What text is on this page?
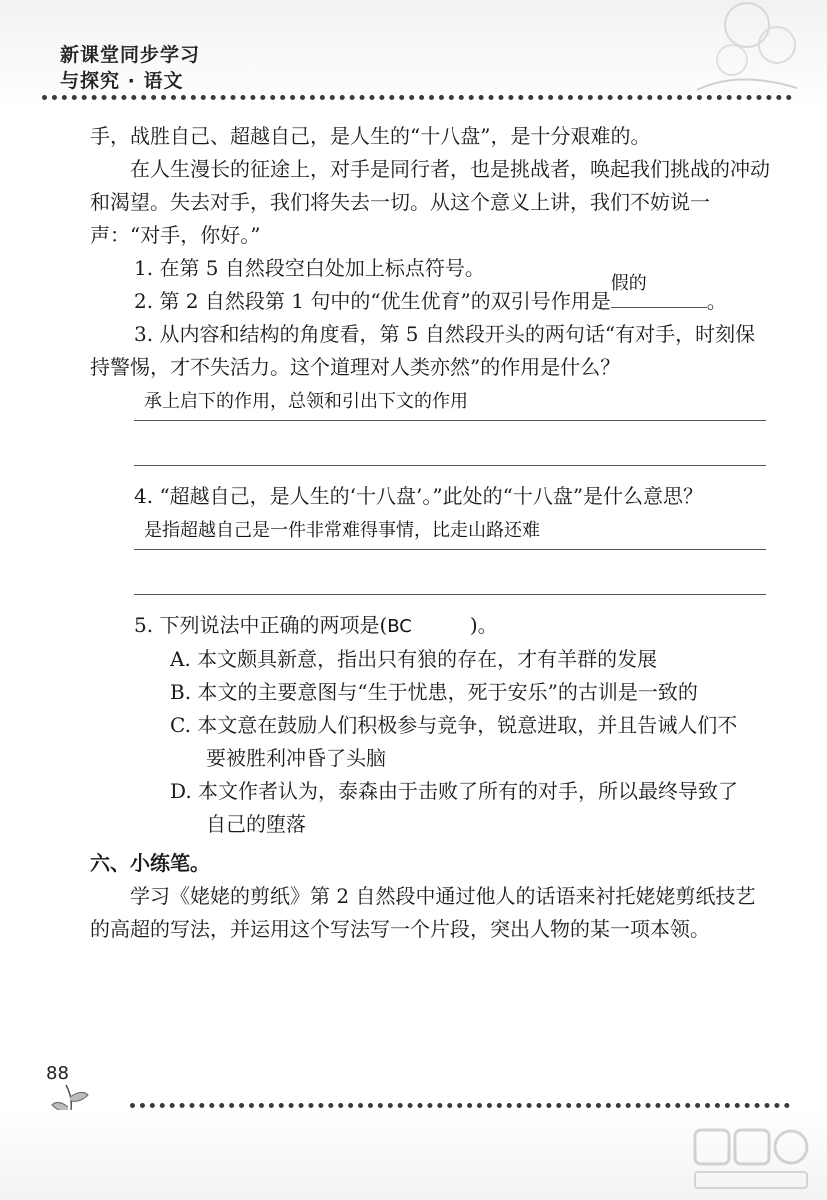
新课堂同步学习
与探究 · 语文

手，战胜自己、超越自己，是人生的“十八盘”，是十分艰难的。

在人生漫长的征途上，对手是同行者，也是挑战者，唤起我们挑战的冲动和渴望。失去对手，我们将失去一切。从这个意义上讲，我们不妨说一声：“对手，你好。”

1. 在第 5 自然段空白处加上标点符号。

2. 第 2 自然段第 1 句中的“优生优育”的双引号作用是
假的
。

3. 从内容和结构的角度看，第 5 自然段开头的两句话“有对手，时刻保持警惕，才不失活力。这个道理对人类亦然”的作用是什么？

承上启下的作用，总领和引出下文的作用

4. “超越自己，是人生的‘十八盘’。”此处的“十八盘”是什么意思？

是指超越自己是一件非常难得事情，比走山路还难

5. 下列说法中正确的两项是(BC	)。

A. 本文颇具新意，指出只有狼的存在，才有羊群的发展

B. 本文的主要意图与“生于忧患，死于安乐”的古训是一致的

C. 本文意在鼓励人们积极参与竞争，锐意进取，并且告诫人们不

要被胜利冲昏了头脑

D. 本文作者认为，泰森由于击败了所有的对手，所以最终导致了

自己的堕落

六、小练笔。

学习《姥姥的剪纸》第 2 自然段中通过他人的话语来衬托姥姥剪纸技艺的高超的写法，并运用这个写法写一个片段，突出人物的某一项本领。

88
